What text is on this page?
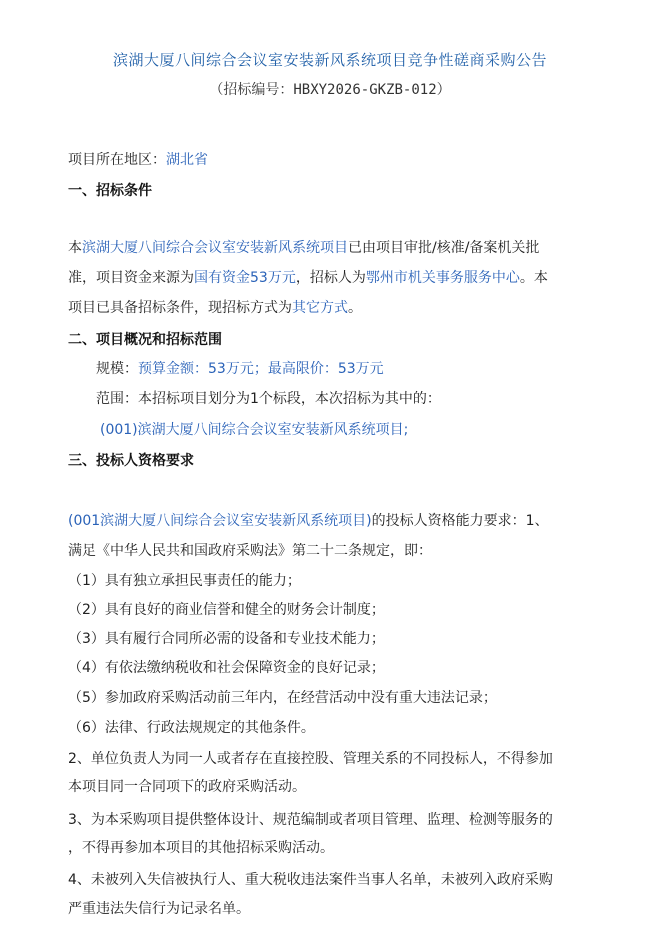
滨湖大厦八间综合会议室安装新风系统项目竞争性磋商采购公告
（招标编号：HBXY2026-GKZB-012）
项目所在地区：湖北省
一、招标条件
本滨湖大厦八间综合会议室安装新风系统项目已由项目审批/核准/备案机关批
准，项目资金来源为国有资金53万元，招标人为鄂州市机关事务服务中心。本
项目已具备招标条件，现招标方式为其它方式。
二、项目概况和招标范围
规模：预算金额：53万元；最高限价：53万元
范围：本招标项目划分为1个标段，本次招标为其中的：
(001)滨湖大厦八间综合会议室安装新风系统项目;
三、投标人资格要求
(001滨湖大厦八间综合会议室安装新风系统项目)的投标人资格能力要求：1、
满足《中华人民共和国政府采购法》第二十二条规定，即：
（1）具有独立承担民事责任的能力；
（2）具有良好的商业信誉和健全的财务会计制度；
（3）具有履行合同所必需的设备和专业技术能力；
（4）有依法缴纳税收和社会保障资金的良好记录；
（5）参加政府采购活动前三年内，在经营活动中没有重大违法记录；
（6）法律、行政法规规定的其他条件。
2、单位负责人为同一人或者存在直接控股、管理关系的不同投标人，不得参加
本项目同一合同项下的政府采购活动。
3、为本采购项目提供整体设计、规范编制或者项目管理、监理、检测等服务的
，不得再参加本项目的其他招标采购活动。
4、未被列入失信被执行人、重大税收违法案件当事人名单，未被列入政府采购
严重违法失信行为记录名单。
